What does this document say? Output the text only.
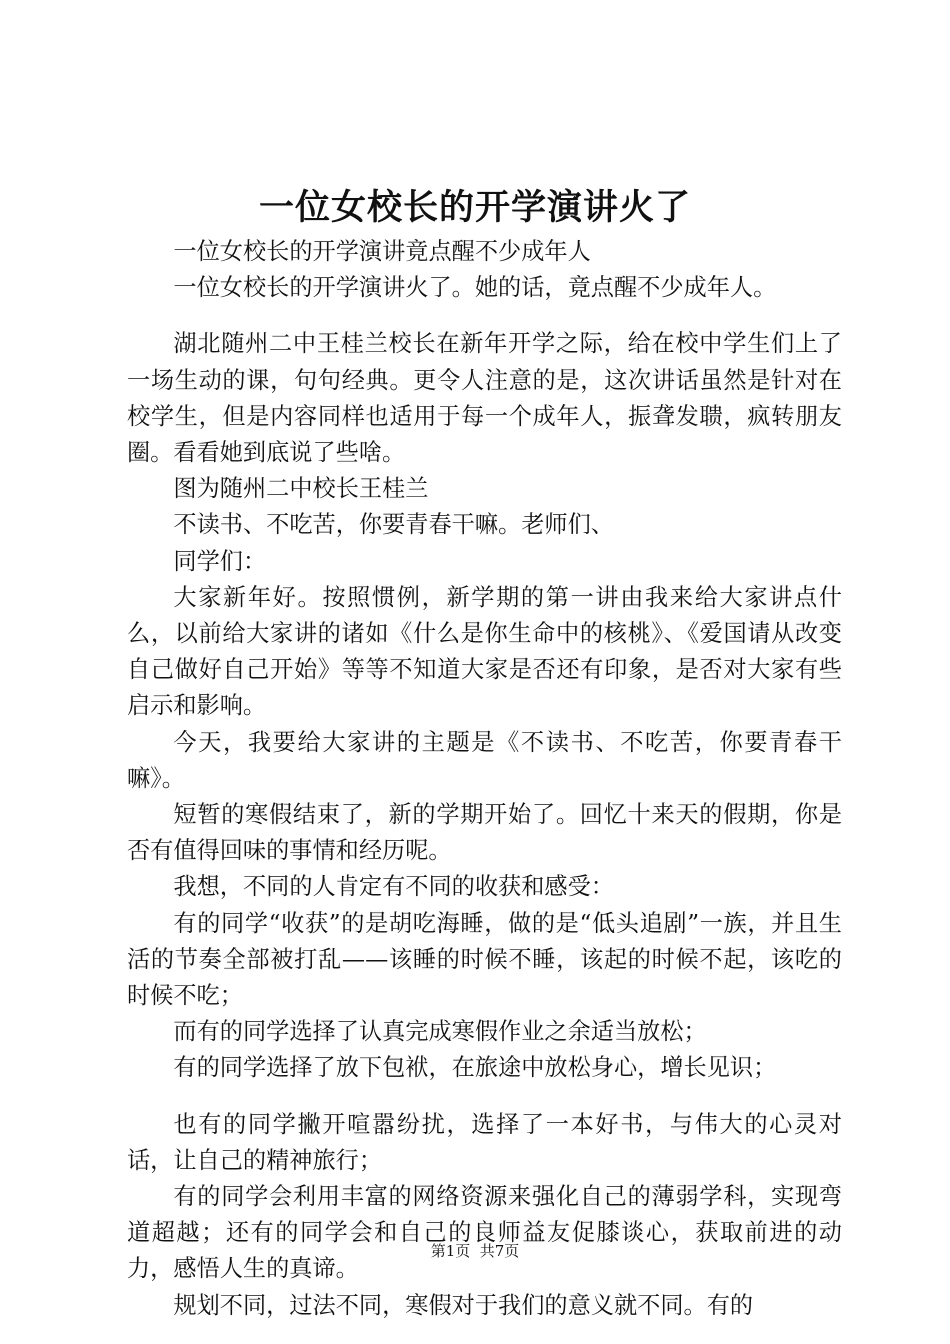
一位女校长的开学演讲火了

一位女校长的开学演讲竟点醒不少成年人

一位女校长的开学演讲火了。她的话，竟点醒不少成年人。

湖北随州二中王桂兰校长在新年开学之际，给在校中学生们上了一场生动的课，句句经典。更令人注意的是，这次讲话虽然是针对在校学生，但是内容同样也适用于每一个成年人，振聋发聩，疯转朋友圈。看看她到底说了些啥。

图为随州二中校长王桂兰

不读书、不吃苦，你要青春干嘛。老师们、

同学们：

大家新年好。按照惯例，新学期的第一讲由我来给大家讲点什么，以前给大家讲的诸如《什么是你生命中的核桃》、《爱国请从改变自己做好自己开始》等等不知道大家是否还有印象，是否对大家有些启示和影响。

今天，我要给大家讲的主题是《不读书、不吃苦，你要青春干嘛》。

短暂的寒假结束了，新的学期开始了。回忆十来天的假期，你是否有值得回味的事情和经历呢。

我想，不同的人肯定有不同的收获和感受：

有的同学“收获”的是胡吃海睡，做的是“低头追剧”一族，并且生活的节奏全部被打乱——该睡的时候不睡，该起的时候不起，该吃的时候不吃；

而有的同学选择了认真完成寒假作业之余适当放松；

有的同学选择了放下包袱，在旅途中放松身心，增长见识；

也有的同学撇开喧嚣纷扰，选择了一本好书，与伟大的心灵对话，让自己的精神旅行；

有的同学会利用丰富的网络资源来强化自己的薄弱学科，实现弯道超越；还有的同学会和自己的良师益友促膝谈心，获取前进的动力，感悟人生的真谛。

规划不同，过法不同，寒假对于我们的意义就不同。有的

第1页  共7页
